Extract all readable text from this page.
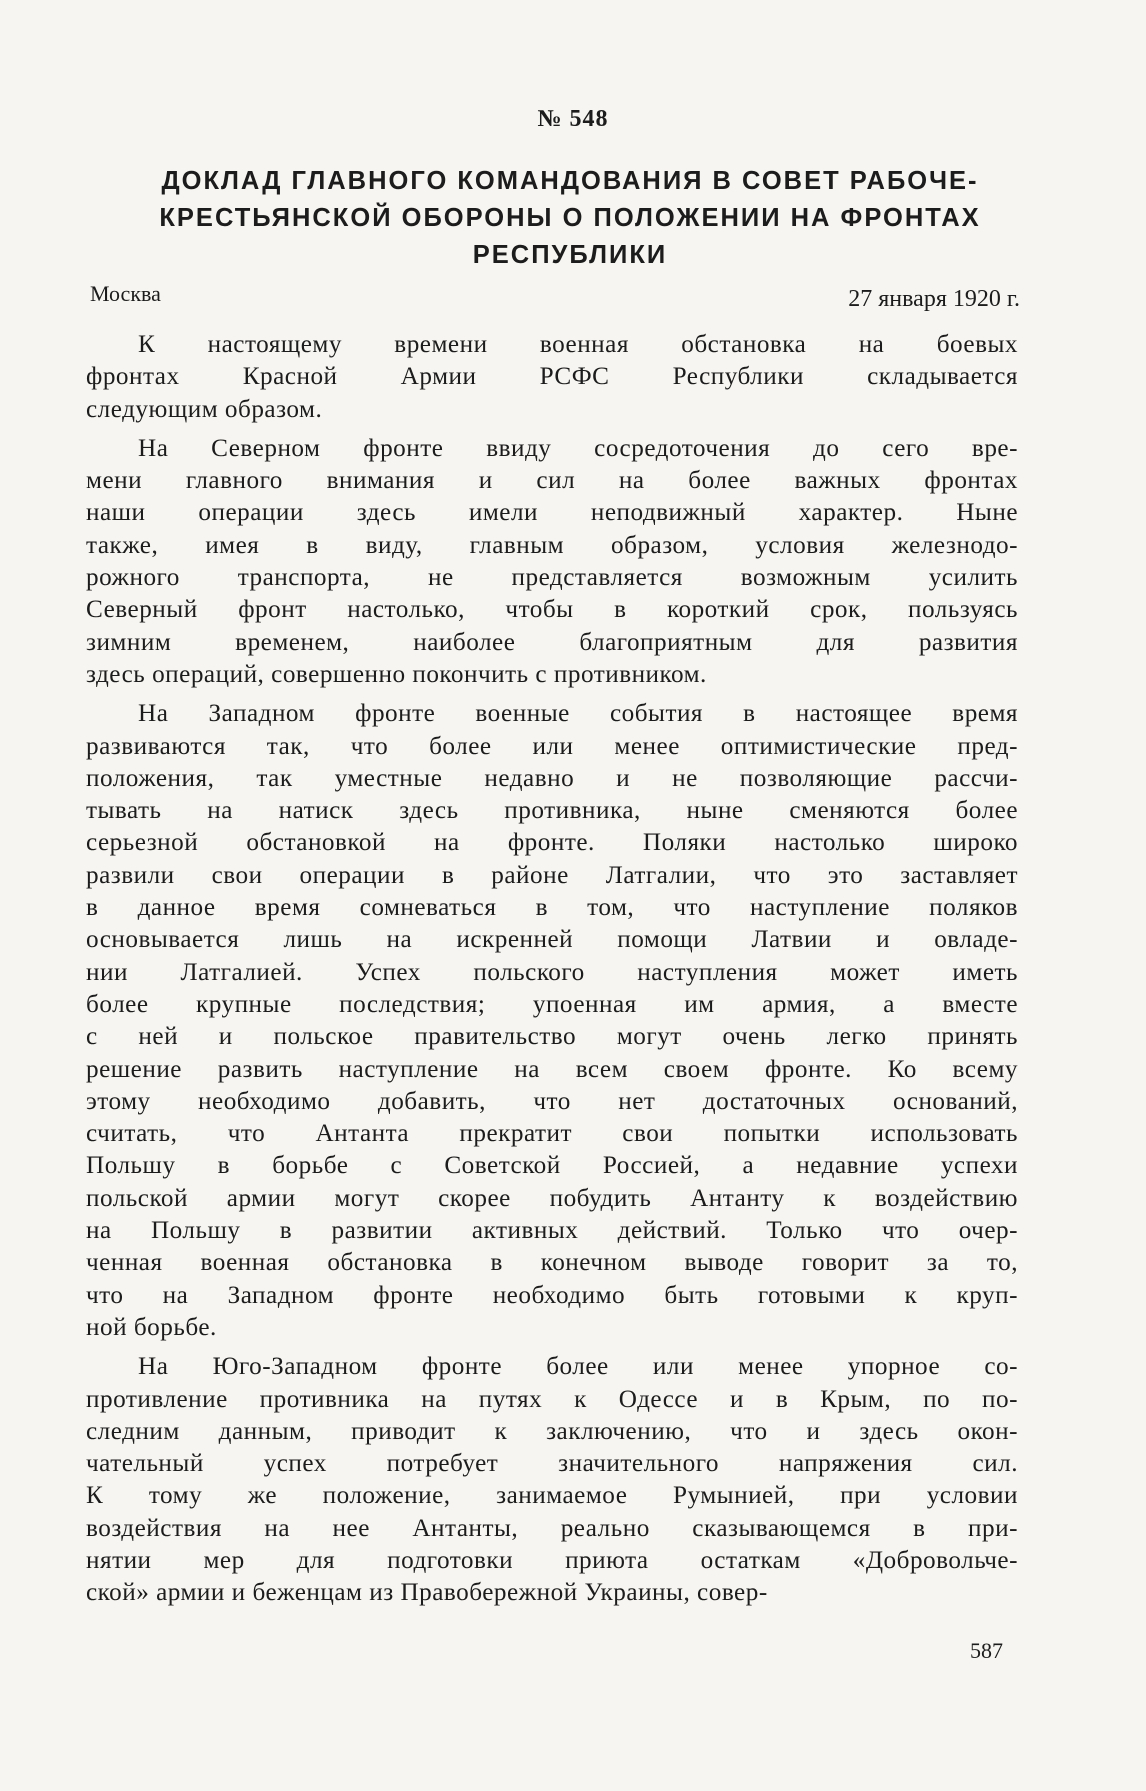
№ 548
ДОКЛАД ГЛАВНОГО КОМАНДОВАНИЯ В СОВЕТ РАБОЧЕ-
КРЕСТЬЯНСКОЙ ОБОРОНЫ О ПОЛОЖЕНИИ НА ФРОНТАХ
РЕСПУБЛИКИ
Москва	27 января 1920 г.
К настоящему времени военная обстановка на боевых
фронтах Красной Армии РСФС Республики складывается
следующим образом.
На Северном фронте ввиду сосредоточения до сего вре-
мени главного внимания и сил на более важных фронтах
наши операции здесь имели неподвижный характер. Ныне
также, имея в виду, главным образом, условия железнодо-
рожного транспорта, не представляется возможным усилить
Северный фронт настолько, чтобы в короткий срок, пользуясь
зимним временем, наиболее благоприятным для развития
здесь операций, совершенно покончить с противником.
На Западном фронте военные события в настоящее время
развиваются так, что более или менее оптимистические пред-
положения, так уместные недавно и не позволяющие рассчи-
тывать на натиск здесь противника, ныне сменяются более
серьезной обстановкой на фронте. Поляки настолько широко
развили свои операции в районе Латгалии, что это заставляет
в данное время сомневаться в том, что наступление поляков
основывается лишь на искренней помощи Латвии и овладе-
нии Латгалией. Успех польского наступления может иметь
более крупные последствия; упоенная им армия, а вместе
с ней и польское правительство могут очень легко принять
решение развить наступление на всем своем фронте. Ко всему
этому необходимо добавить, что нет достаточных оснований,
считать, что Антанта прекратит свои попытки использовать
Польшу в борьбе с Советской Россией, а недавние успехи
польской армии могут скорее побудить Антанту к воздействию
на Польшу в развитии активных действий. Только что очер-
ченная военная обстановка в конечном выводе говорит за то,
что на Западном фронте необходимо быть готовыми к круп-
ной борьбе.
На Юго-Западном фронте более или менее упорное со-
противление противника на путях к Одессе и в Крым, по по-
следним данным, приводит к заключению, что и здесь окон-
чательный успех потребует значительного напряжения сил.
К тому же положение, занимаемое Румынией, при условии
воздействия на нее Антанты, реально сказывающемся в при-
нятии мер для подготовки приюта остаткам «Добровольче-
ской» армии и беженцам из Правобережной Украины, совер-
587
